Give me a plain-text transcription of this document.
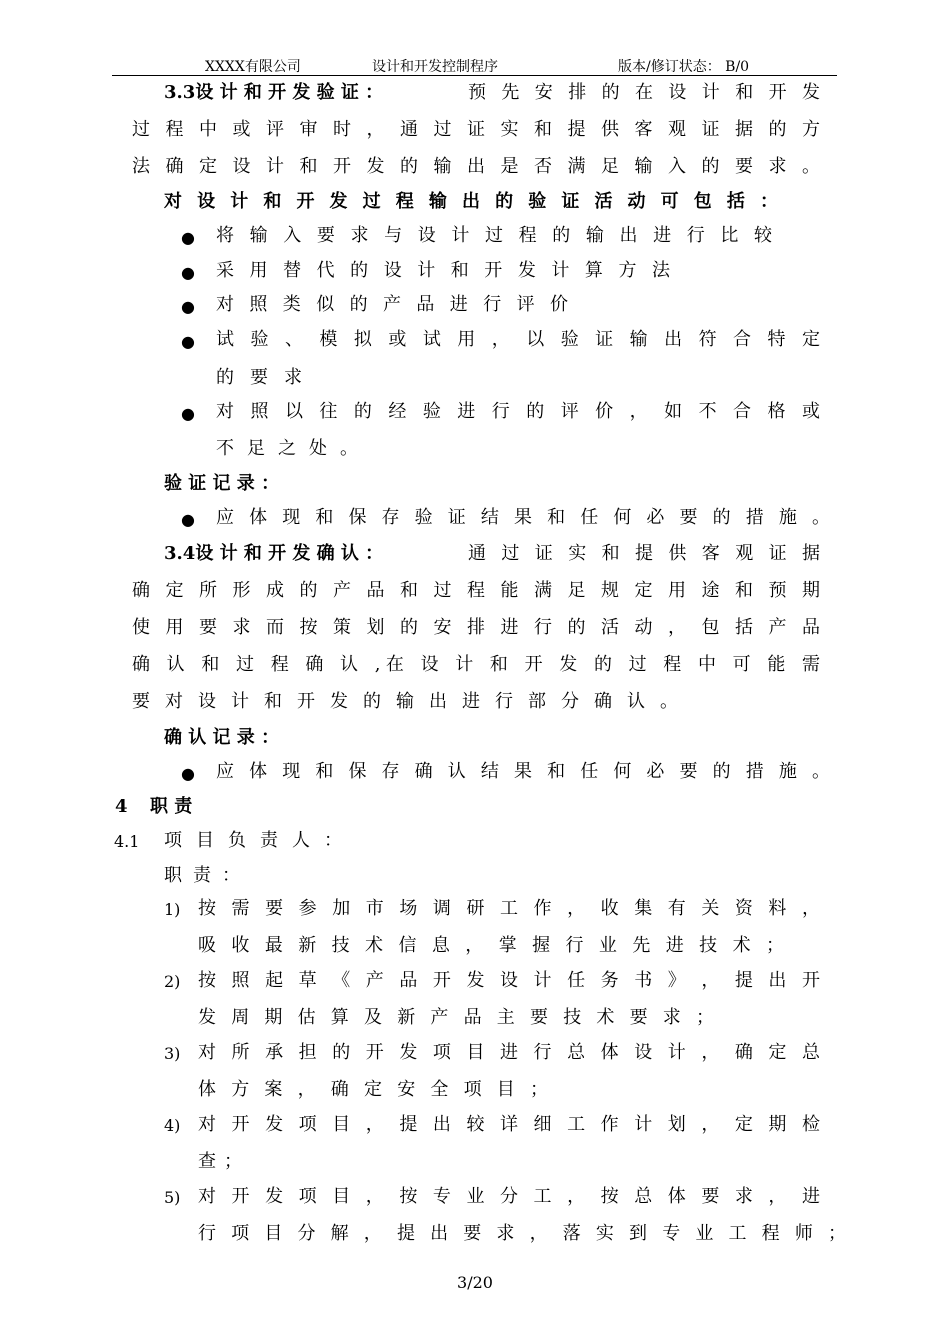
XXXX有限公司	设计和开发控制程序	版本/修订状态： B/0
3.3设 计 和 开 发 验 证 ：	预 先 安 排 的 在 设 计 和 开 发
过 程 中 或 评 审 时 ， 通 过 证 实 和 提 供 客 观 证 据 的 方
法 确 定 设 计 和 开 发 的 输 出 是 否 满 足 输 入 的 要 求 。
对 设 计 和 开 发 过 程 输 出 的 验 证 活 动 可 包 括 ：
● 将 输 入 要 求 与 设 计 过 程 的 输 出 进 行 比 较
● 采 用 替 代 的 设 计 和 开 发 计 算 方 法
● 对 照 类 似 的 产 品 进 行 评 价
● 试 验 、 模 拟 或 试 用 ， 以 验 证 输 出 符 合 特 定
的 要 求
● 对 照 以 往 的 经 验 进 行 的 评 价 ， 如 不 合 格 或
不 足 之 处 。
验 证 记 录 ：
● 应 体 现 和 保 存 验 证 结 果 和 任 何 必 要 的 措 施 。
3.4设 计 和 开 发 确 认 ：	通 过 证 实 和 提 供 客 观 证 据
确 定 所 形 成 的 产 品 和 过 程 能 满 足 规 定 用 途 和 预 期
使 用 要 求 而 按 策 划 的 安 排 进 行 的 活 动 ， 包 括 产 品
确 认 和 过 程 确 认 ,在 设 计 和 开 发 的 过 程 中 可 能 需
要 对 设 计 和 开 发 的 输 出 进 行 部 分 确 认 。
确 认 记 录 ：
● 应 体 现 和 保 存 确 认 结 果 和 任 何 必 要 的 措 施 。
4 职 责
4.1 项 目 负 责 人 ：
职 责 ：
1) 按 需 要 参 加 市 场 调 研 工 作 ， 收 集 有 关 资 料 ，
吸 收 最 新 技 术 信 息 ， 掌 握 行 业 先 进 技 术 ；
2) 按 照 起 草 《 产 品 开 发 设 计 任 务 书 》 ， 提 出 开
发 周 期 估 算 及 新 产 品 主 要 技 术 要 求 ；
3) 对 所 承 担 的 开 发 项 目 进 行 总 体 设 计 ， 确 定 总
体 方 案 ， 确 定 安 全 项 目 ；
4) 对 开 发 项 目 ， 提 出 较 详 细 工 作 计 划 ， 定 期 检
查 ；
5) 对 开 发 项 目 ， 按 专 业 分 工 ， 按 总 体 要 求 ， 进
行 项 目 分 解 ， 提 出 要 求 ， 落 实 到 专 业 工 程 师 ；
3/20
